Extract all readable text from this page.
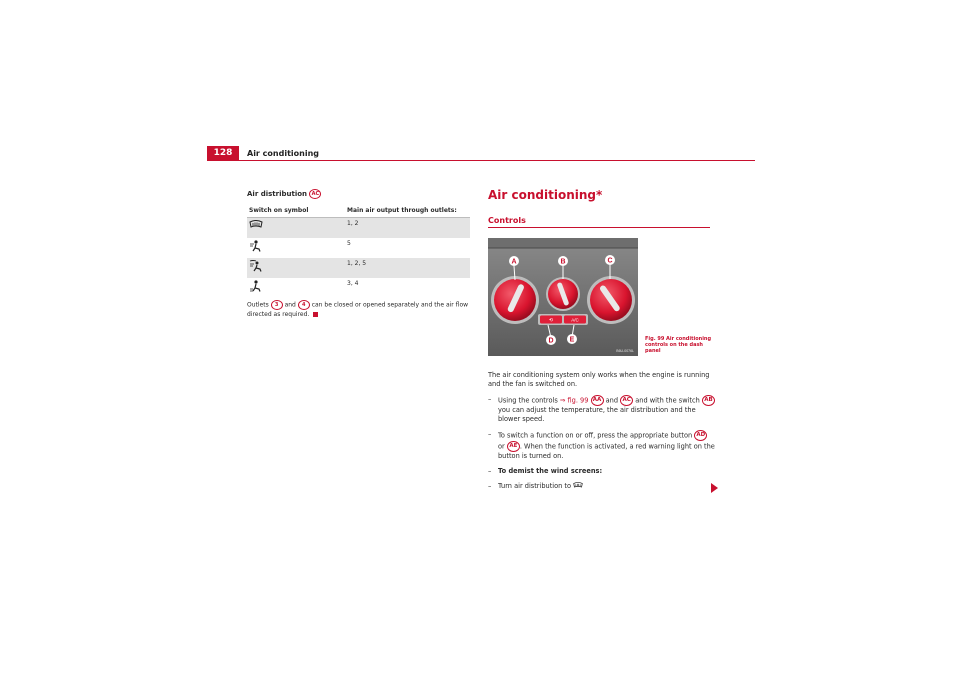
128	Air conditioning
Air distribution AC
Switch on symbol	Main air output through outlets:

	1, 2

	5

	1, 2, 5

	3, 4
Outlets 3 and 4 can be closed or opened separately and the air flow directed as required.
Air conditioning*
Controls
⟲	A/C
A	B	C
D E
B6U-0076L
Fig. 99 Air conditioning controls on the dash panel

The air conditioning system only works when the engine is running and the fan is switched on.

– Using the controls ⇒ fig. 99 AA and AC and with the switch AB you can adjust the temperature, the air distribution and the blower speed.
– To switch a function on or off, press the appropriate button AD or AE . When the function is activated, a red warning light on the button is turned on.
– To demist the wind screens:
– Turn air distribution to
